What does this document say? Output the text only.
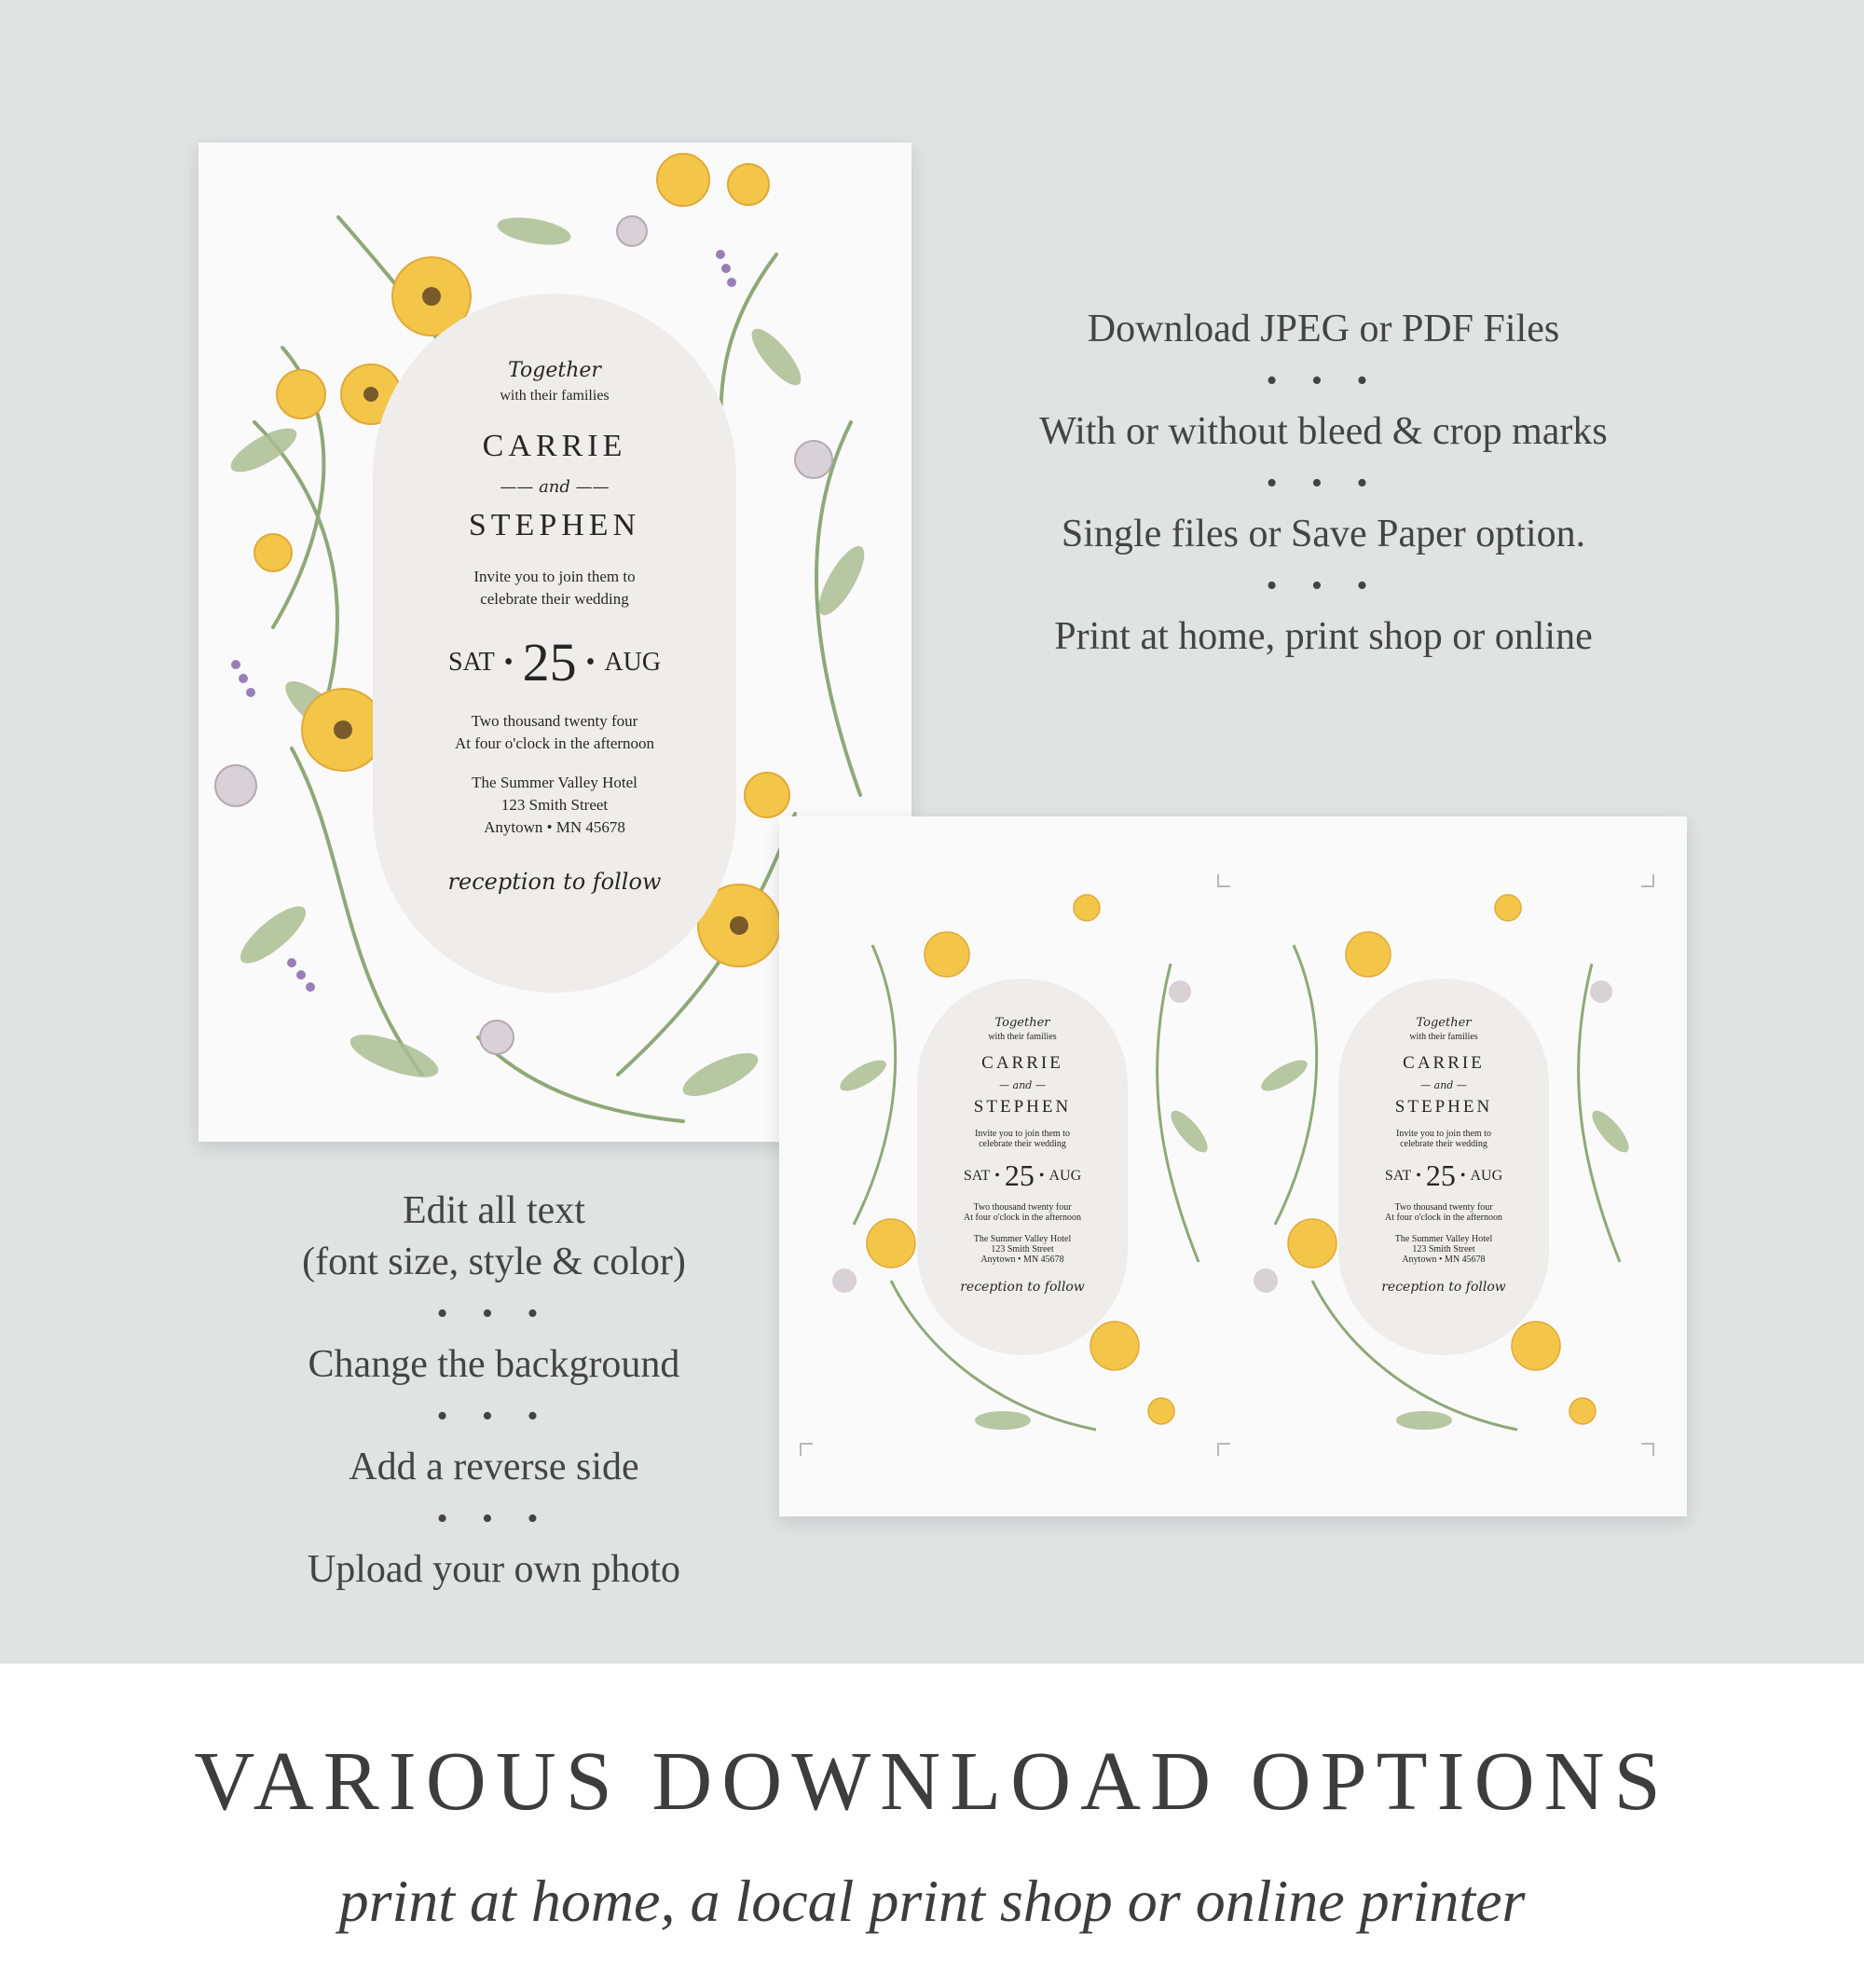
Together
with their families
CARRIE
—— and ——
STEPHEN
Invite you to join them to
celebrate their wedding
SAT • 25 • AUG
Two thousand twenty four
At four o'clock in the afternoon
The Summer Valley Hotel
123 Smith Street
Anytown • MN 45678
reception to follow
Together
with their families
CARRIE
— and —
STEPHEN
Invite you to join them to
celebrate their wedding
SAT • 25 • AUG
Two thousand twenty four
At four o'clock in the afternoon
The Summer Valley Hotel
123 Smith Street
Anytown • MN 45678
reception to follow
Together
with their families
CARRIE
— and —
STEPHEN
Invite you to join them to
celebrate their wedding
SAT • 25 • AUG
Two thousand twenty four
At four o'clock in the afternoon
The Summer Valley Hotel
123 Smith Street
Anytown • MN 45678
reception to follow
Download JPEG or PDF Files
• • •
With or without bleed & crop marks
• • •
Single files or Save Paper option.
• • •
Print at home, print shop or online
Edit all text
(font size, style & color)
• • •
Change the background
• • •
Add a reverse side
• • •
Upload your own photo
VARIOUS DOWNLOAD OPTIONS
print at home, a local print shop or online printer
